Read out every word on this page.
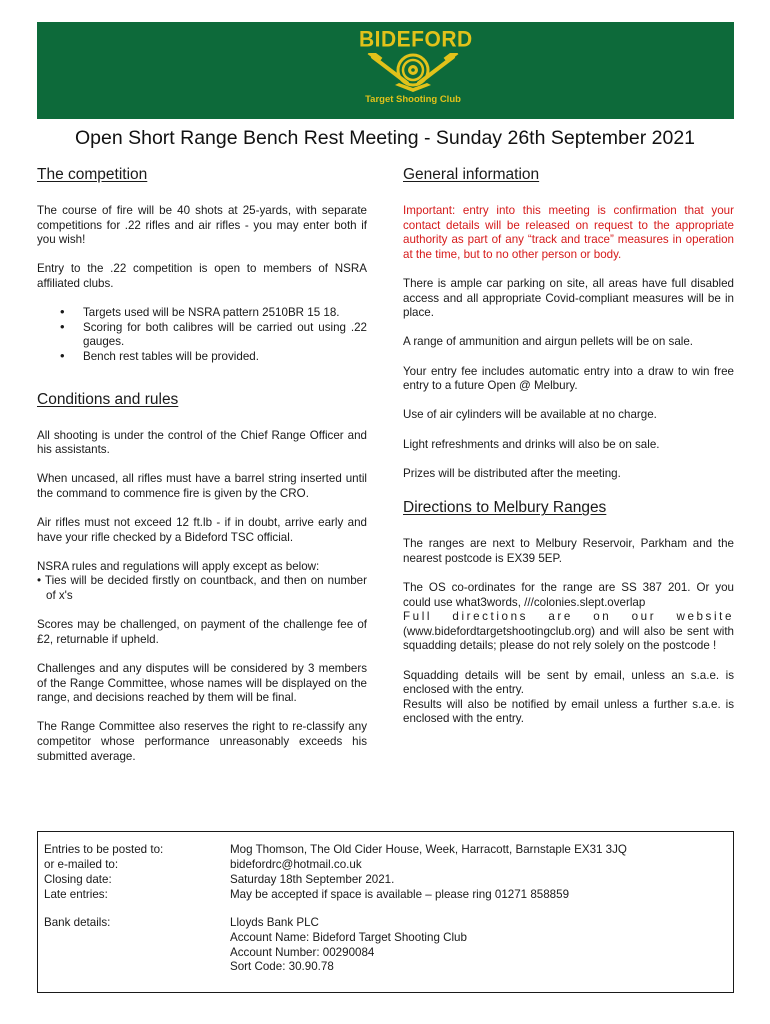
BIDEFORD
Target Shooting Club
Open Short Range Bench Rest Meeting - Sunday 26th September 2021
The competition

The course of fire will be 40 shots at 25-yards, with separate competitions for .22 rifles and air rifles - you may enter both if you wish!

Entry to the .22 competition is open to members of NSRA affiliated clubs.

• Targets used will be NSRA pattern 2510BR 15 18.
• Scoring for both calibres will be carried out using .22 gauges.
• Bench rest tables will be provided.
Conditions and rules

All shooting is under the control of the Chief Range Officer and his assistants.

When uncased, all rifles must have a barrel string inserted until the command to commence fire is given by the CRO.

Air rifles must not exceed 12 ft.lb - if in doubt, arrive early and have your rifle checked by a Bideford TSC official.

NSRA rules and regulations will apply except as below:
• Ties will be decided firstly on countback, and then on number of x's

Scores may be challenged, on payment of the challenge fee of £2, returnable if upheld.

Challenges and any disputes will be considered by 3 members of the Range Committee, whose names will be displayed on the range, and decisions reached by them will be final.

The Range Committee also reserves the right to re-classify any competitor whose performance unreasonably exceeds his submitted average.

General information

Important: entry into this meeting is confirmation that your contact details will be released on request to the appropriate authority as part of any “track and trace” measures in operation at the time, but to no other person or body.

There is ample car parking on site, all areas have full disabled access and all appropriate Covid-compliant measures will be in place.

A range of ammunition and airgun pellets will be on sale.

Your entry fee includes automatic entry into a draw to win free entry to a future Open @ Melbury.

Use of air cylinders will be available at no charge.

Light refreshments and drinks will also be on sale.

Prizes will be distributed after the meeting.

Directions to Melbury Ranges

The ranges are next to Melbury Reservoir, Parkham and the nearest postcode is EX39 5EP.

The OS co-ordinates for the range are SS 387 201. Or you could use what3words, ///colonies.slept.overlap
Full directions are on our website
(www.bidefordtargetshootingclub.org) and will also be sent with squadding details; please do not rely solely on the postcode !
Squadding details will be sent by email, unless an s.a.e. is enclosed with the entry.
Results will also be notified by email unless a further s.a.e. is enclosed with the entry.
Entries to be posted to:	Mog Thomson, The Old Cider House, Week, Harracott, Barnstaple EX31 3JQ
or e-mailed to:	bidefordrc@hotmail.co.uk
Closing date:	Saturday 18th September 2021.
Late entries:	May be accepted if space is available – please ring 01271 858859
Bank details:	Lloyds Bank PLC
Account Name: Bideford Target Shooting Club
Account Number: 00290084
Sort Code: 30.90.78
